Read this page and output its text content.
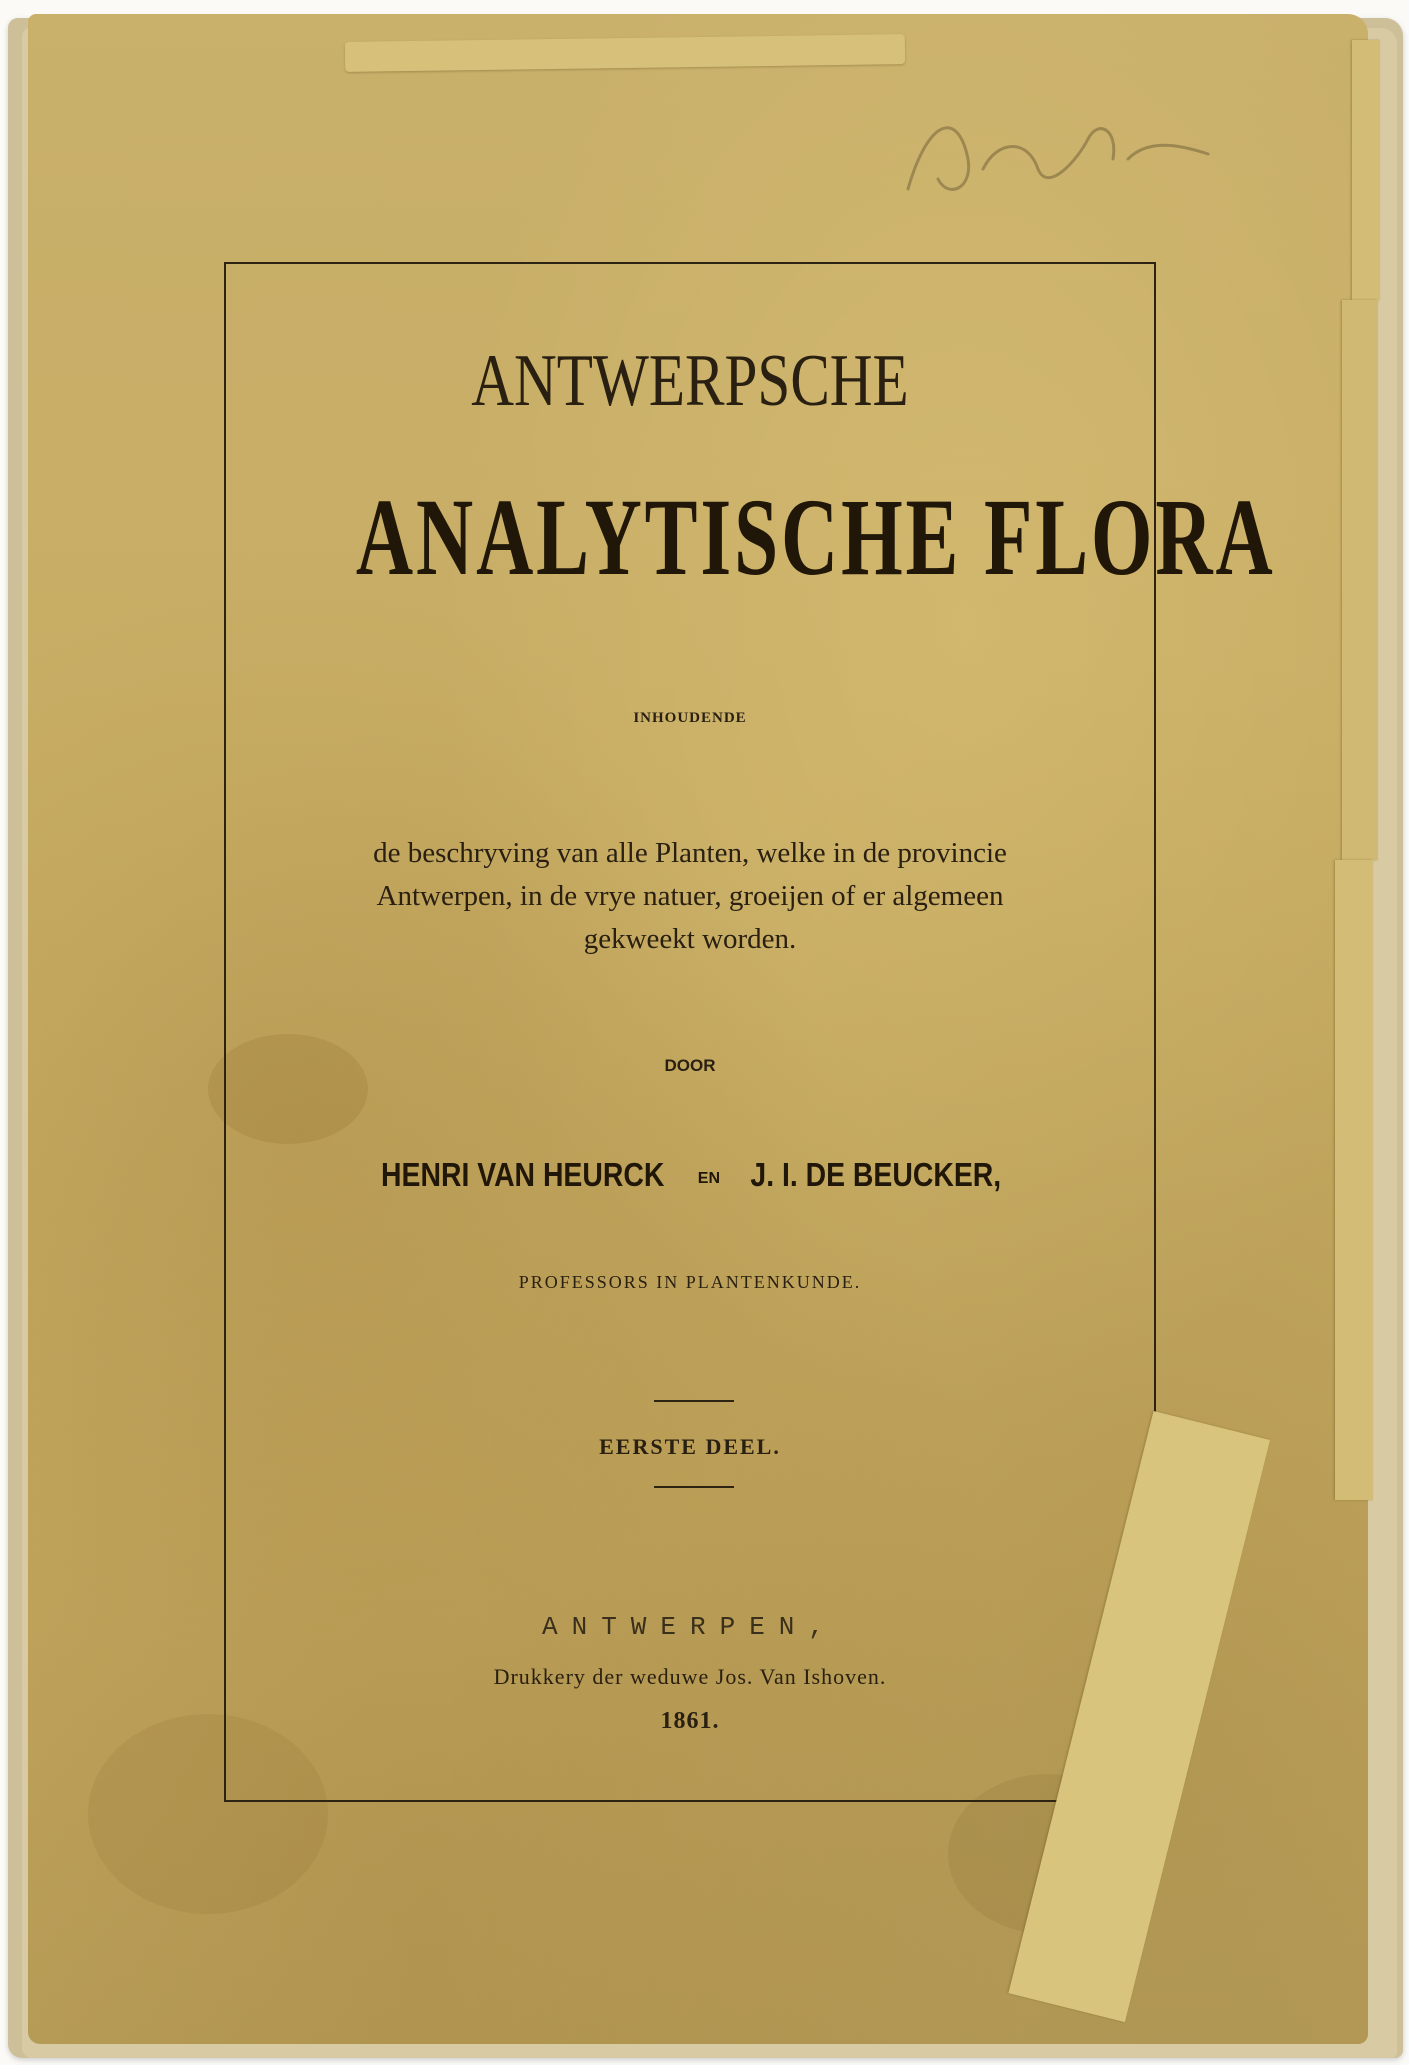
ANTWERPSCHE
ANALYTISCHE FLORA
INHOUDENDE
de beschryving van alle Planten, welke in de provincie
Antwerpen, in de vrye natuer, groeijen of er algemeen
gekweekt worden.
DOOR
HENRI VAN HEURCK EN J. I. DE BEUCKER,
PROFESSORS IN PLANTENKUNDE.
EERSTE DEEL.
ANTWERPEN,
Drukkery der weduwe Jos. Van Ishoven.
1861.
